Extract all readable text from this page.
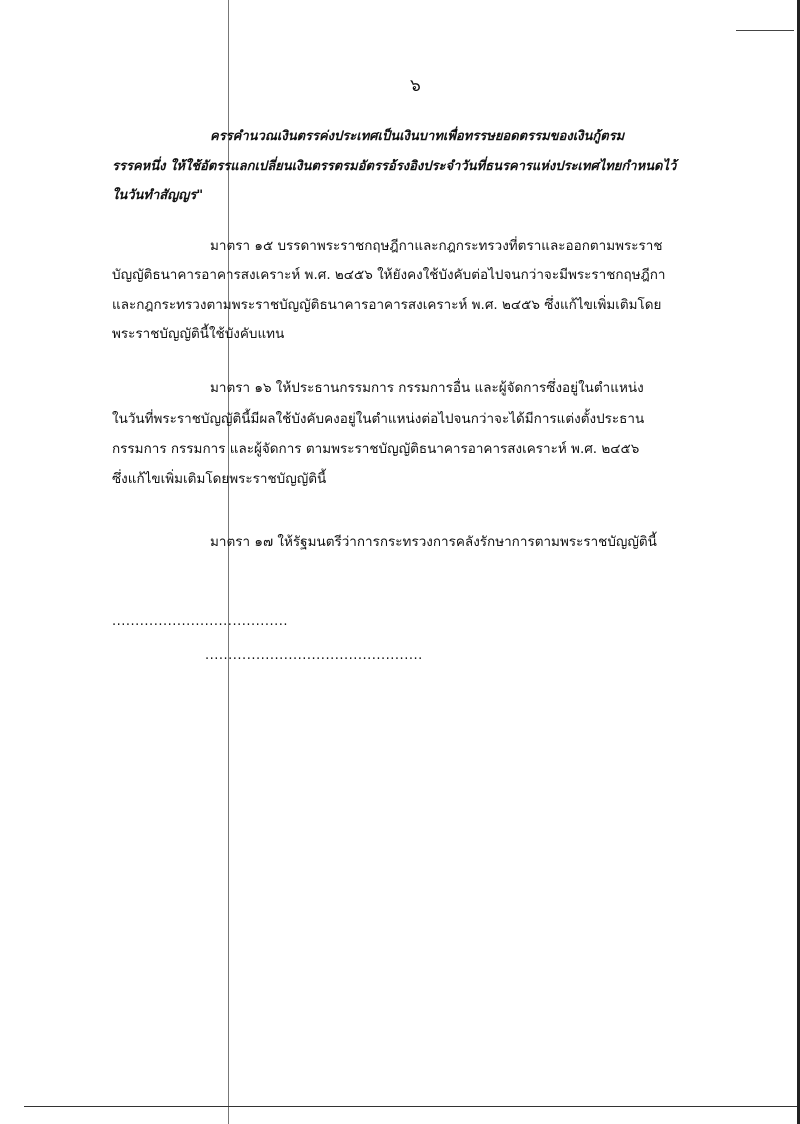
๖
ครรคำนวณเงินตรรค่งประเทศเป็นเงินบาทเพื่อทรรษยอดตรรมของเงินกู้ตรม
รรรคหนึ่ง ให้ใช้อัตรรแลกเปลี่ยนเงินตรรตรมอัตรรอ้รงอิงประจำวันที่ธนรคารแห่งประเทศไทยกำหนดไว้
ในวันทำสัญญร"
มาตรา ๑๕ บรรดาพระราชกฤษฎีกาและกฎกระทรวงที่ตราและออกตามพระราช
บัญญัติธนาคารอาคารสงเคราะห์ พ.ศ. ๒๔๕๖ ให้ยังคงใช้บังคับต่อไปจนกว่าจะมีพระราชกฤษฎีกา
และกฎกระทรวงตามพระราชบัญญัติธนาคารอาคารสงเคราะห์ พ.ศ. ๒๔๕๖ ซึ่งแก้ไขเพิ่มเติมโดย
พระราชบัญญัตินี้ใช้บังคับแทน
มาตรา ๑๖ ให้ประธานกรรมการ กรรมการอื่น และผู้จัดการซึ่งอยู่ในตำแหน่ง
ในวันที่พระราชบัญญัตินี้มีผลใช้บังคับคงอยู่ในตำแหน่งต่อไปจนกว่าจะได้มีการแต่งตั้งประธาน
กรรมการ กรรมการ และผู้จัดการ ตามพระราชบัญญัติธนาคารอาคารสงเคราะห์ พ.ศ. ๒๔๕๖
ซึ่งแก้ไขเพิ่มเติมโดยพระราชบัญญัตินี้
มาตรา ๑๗ ให้รัฐมนตรีว่าการกระทรวงการคลังรักษาการตามพระราชบัญญัตินี้
......................................
...............................................
